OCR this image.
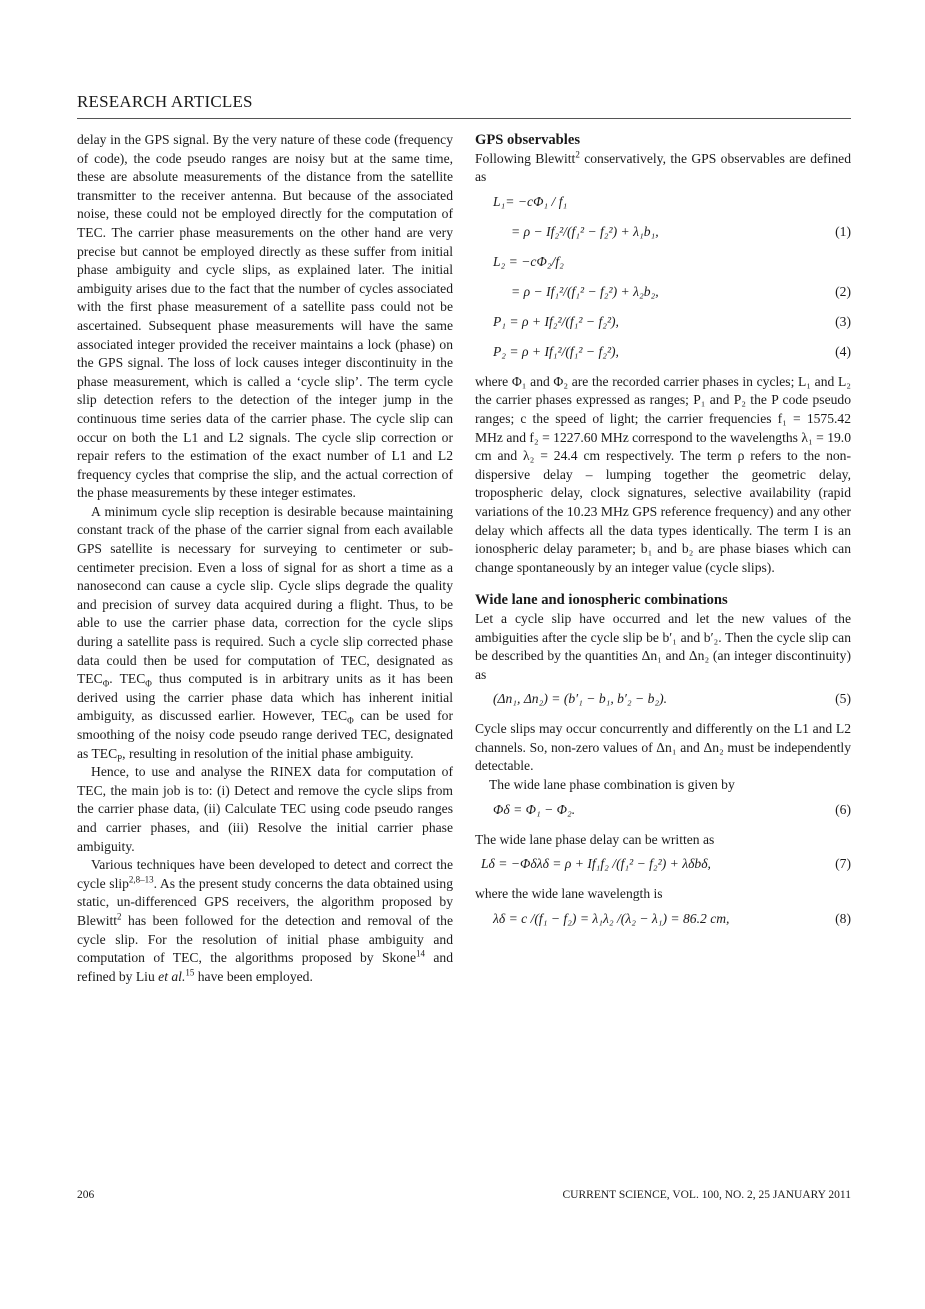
RESEARCH ARTICLES

delay in the GPS signal. By the very nature of these code (frequency of code), the code pseudo ranges are noisy but at the same time, these are absolute measurements of the distance from the satellite transmitter to the receiver antenna. But because of the associated noise, these could not be employed directly for the computation of TEC. The carrier phase measurements on the other hand are very precise but cannot be employed directly as these suffer from initial phase ambiguity and cycle slips, as explained later. The initial ambiguity arises due to the fact that the number of cycles associated with the first phase measurement of a satellite pass could not be ascertained. Subsequent phase measurements will have the same associated integer provided the receiver maintains a lock (phase) on the GPS signal. The loss of lock causes integer discontinuity in the phase measurement, which is called a ‘cycle slip’. The term cycle slip detection refers to the detection of the integer jump in the continuous time series data of the carrier phase. The cycle slip can occur on both the L1 and L2 signals. The cycle slip correction or repair refers to the estimation of the exact number of L1 and L2 frequency cycles that comprise the slip, and the actual correction of the phase measurements by these integer estimates.

A minimum cycle slip reception is desirable because maintaining constant track of the phase of the carrier signal from each available GPS satellite is necessary for surveying to centimeter or sub-centimeter precision. Even a loss of signal for as short a time as a nanosecond can cause a cycle slip. Cycle slips degrade the quality and precision of survey data acquired during a flight. Thus, to be able to use the carrier phase data, correction for the cycle slips during a satellite pass is required. Such a cycle slip corrected phase data could then be used for computation of TEC, designated as $TEC_\Phi$. $TEC_\Phi$ thus computed is in arbitrary units as it has been derived using the carrier phase data which has inherent initial ambiguity, as discussed earlier. However, $TEC_\Phi$ can be used for smoothing of the noisy code pseudo range derived TEC, designated as $TEC_P$, resulting in resolution of the initial phase ambiguity.

Hence, to use and analyse the RINEX data for computation of TEC, the main job is to: (i) Detect and remove the cycle slips from the carrier phase data, (ii) Calculate TEC using code pseudo ranges and carrier phases, and (iii) Resolve the initial carrier phase ambiguity.

Various techniques have been developed to detect and correct the cycle slip$^{2,8-13}$. As the present study concerns the data obtained using static, un-differenced GPS receivers, the algorithm proposed by Blewitt$^2$ has been followed for the detection and removal of the cycle slip. For the resolution of initial phase ambiguity and computation of TEC, the algorithms proposed by Skone$^{14}$ and refined by Liu et al.$^{15}$ have been employed.

GPS observables

Following Blewitt$^2$ conservatively, the GPS observables are defined as

L₁= −cΦ₁ / f₁
= ρ − If₂²/(f₁² − f₂²) + λ₁b₁,	(1)
L₂ = −cΦ₂/f₂
= ρ − If₁²/(f₁² − f₂²) + λ₂b₂,	(2)
P₁ = ρ + If₂²/(f₁² − f₂²),	(3)
P₂ = ρ + If₁²/(f₁² − f₂²),	(4)

where Φ₁ and Φ₂ are the recorded carrier phases in cycles; L₁ and L₂ the carrier phases expressed as ranges; P₁ and P₂ the P code pseudo ranges; c the speed of light; the carrier frequencies f₁ = 1575.42 MHz and f₂ = 1227.60 MHz correspond to the wavelengths λ₁ = 19.0 cm and λ₂ = 24.4 cm respectively. The term ρ refers to the non-dispersive delay – lumping together the geometric delay, tropospheric delay, clock signatures, selective availability (rapid variations of the 10.23 MHz GPS reference frequency) and any other delay which affects all the data types identically. The term I is an ionospheric delay parameter; b₁ and b₂ are phase biases which can change spontaneously by an integer value (cycle slips).

Wide lane and ionospheric combinations

Let a cycle slip have occurred and let the new values of the ambiguities after the cycle slip be b′₁ and b′₂. Then the cycle slip can be described by the quantities Δn₁ and Δn₂ (an integer discontinuity) as

(Δn₁, Δn₂) = (b′₁ − b₁, b′₂ − b₂).	(5)

Cycle slips may occur concurrently and differently on the L1 and L2 channels. So, non-zero values of Δn₁ and Δn₂ must be independently detectable.

The wide lane phase combination is given by

Φδ = Φ₁ − Φ₂.	(6)

The wide lane phase delay can be written as

Lδ = −Φδλδ = ρ + If₁f₂ /(f₁² − f₂²) + λδbδ,	(7)

where the wide lane wavelength is

λδ = c /(f₁ − f₂) = λ₁λ₂ /(λ₂ − λ₁) = 86.2 cm,	(8)
206	CURRENT SCIENCE, VOL. 100, NO. 2, 25 JANUARY 2011
